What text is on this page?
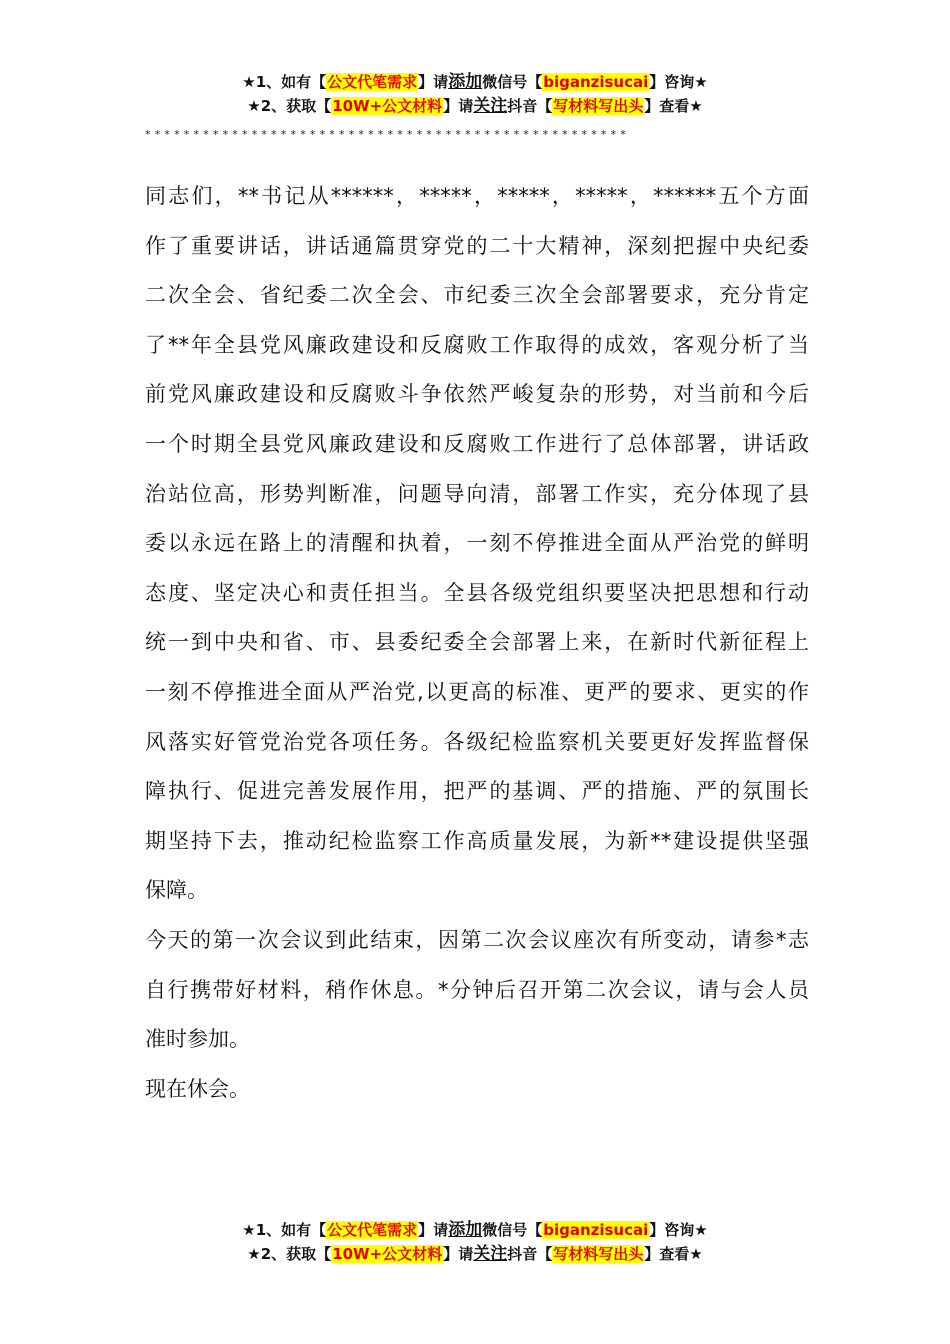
★1、如有【公文代笔需求】请添加微信号【biganzisucai】咨询★
★2、获取【10W+公文材料】请关注抖音【写材料写出头】查看★
**************************************************
同志们，**书记从******，*****，*****，*****，******五个方面
作了重要讲话，讲话通篇贯穿党的二十大精神，深刻把握中央纪委
二次全会、省纪委二次全会、市纪委三次全会部署要求，充分肯定
了**年全县党风廉政建设和反腐败工作取得的成效，客观分析了当
前党风廉政建设和反腐败斗争依然严峻复杂的形势，对当前和今后
一个时期全县党风廉政建设和反腐败工作进行了总体部署，讲话政
治站位高，形势判断准，问题导向清，部署工作实，充分体现了县
委以永远在路上的清醒和执着，一刻不停推进全面从严治党的鲜明
态度、坚定决心和责任担当。全县各级党组织要坚决把思想和行动
统一到中央和省、市、县委纪委全会部署上来，在新时代新征程上
一刻不停推进全面从严治党,以更高的标准、更严的要求、更实的作
风落实好管党治党各项任务。各级纪检监察机关要更好发挥监督保
障执行、促进完善发展作用，把严的基调、严的措施、严的氛围长
期坚持下去，推动纪检监察工作高质量发展，为新**建设提供坚强
保障。
今天的第一次会议到此结束，因第二次会议座次有所变动，请参*志
自行携带好材料，稍作休息。*分钟后召开第二次会议，请与会人员
准时参加。
现在休会。
★1、如有【公文代笔需求】请添加微信号【biganzisucai】咨询★
★2、获取【10W+公文材料】请关注抖音【写材料写出头】查看★
